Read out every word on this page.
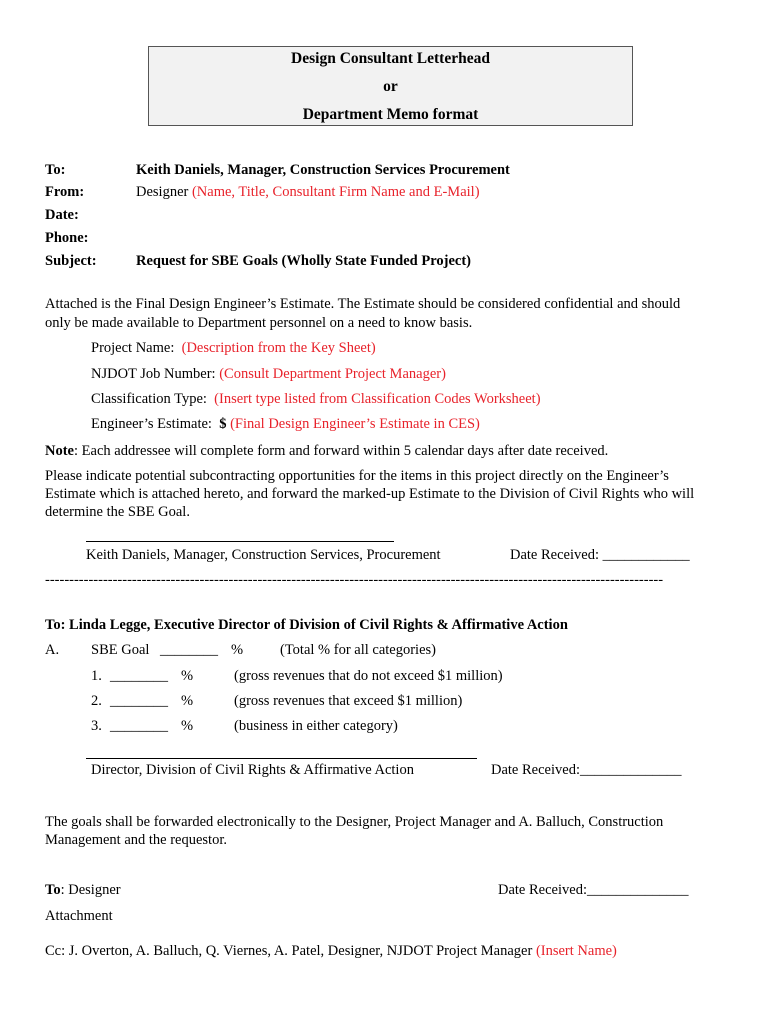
Design Consultant Letterhead
or
Department Memo format
To:	Keith Daniels, Manager, Construction Services Procurement
From:	Designer (Name, Title, Consultant Firm Name and E-Mail)
Date:
Phone:
Subject:	Request for SBE Goals (Wholly State Funded Project)
Attached is the Final Design Engineer’s Estimate. The Estimate should be considered confidential and should
only be made available to Department personnel on a need to know basis.
Project Name: (Description from the Key Sheet)
NJDOT Job Number: (Consult Department Project Manager)
Classification Type: (Insert type listed from Classification Codes Worksheet)
Engineer’s Estimate: $ (Final Design Engineer’s Estimate in CES)
Note: Each addressee will complete form and forward within 5 calendar days after date received.
Please indicate potential subcontracting opportunities for the items in this project directly on the Engineer’s
Estimate which is attached hereto, and forward the marked-up Estimate to the Division of Civil Rights who will
determine the SBE Goal.
Keith Daniels, Manager, Construction Services, Procurement	Date Received: ____________
--------------------------------------------------------------------------------------------------------------------------------
To: Linda Legge, Executive Director of Division of Civil Rights & Affirmative Action
A. SBE Goal ________ %	(Total % for all categories)
1. ________ %	(gross revenues that do not exceed $1 million)
2. ________ %	(gross revenues that exceed $1 million)
3. ________ %	(business in either category)
Director, Division of Civil Rights & Affirmative Action	Date Received:______________
The goals shall be forwarded electronically to the Designer, Project Manager and A. Balluch, Construction
Management and the requestor.
To: Designer	Date Received:______________
Attachment
Cc: J. Overton, A. Balluch, Q. Viernes, A. Patel, Designer, NJDOT Project Manager (Insert Name)
